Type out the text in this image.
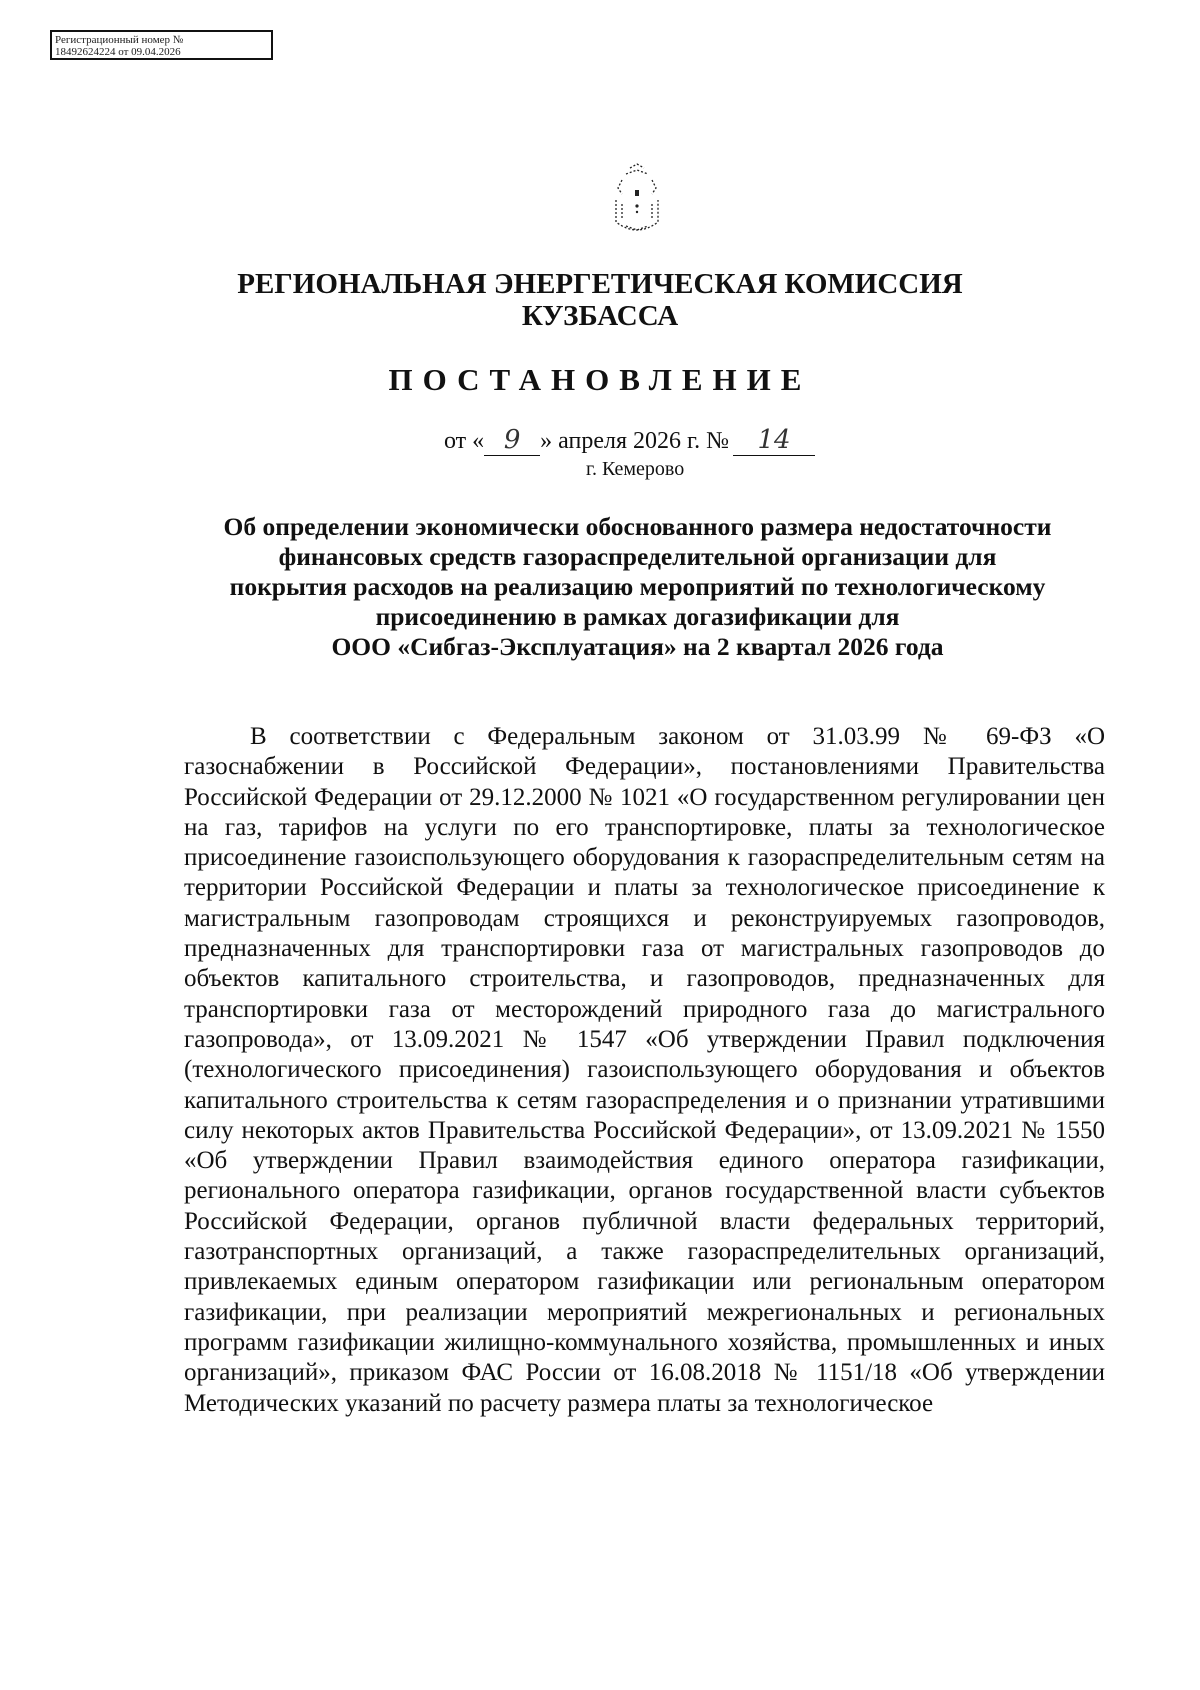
Регистрационный номер №
18492624224 от 09.04.2026
РЕГИОНАЛЬНАЯ ЭНЕРГЕТИЧЕСКАЯ КОМИССИЯ
КУЗБАССА
ПОСТАНОВЛЕНИЕ
от « 9 » апреля 2026 г. № 14
г. Кемерово
Об определении экономически обоснованного размера недостаточности
финансовых средств газораспределительной организации для
покрытия расходов на реализацию мероприятий по технологическому
присоединению в рамках догазификации для
ООО «Сибгаз-Эксплуатация» на 2 квартал 2026 года

В соответствии с Федеральным законом от 31.03.99 № 69-ФЗ «О газоснабжении в Российской Федерации», постановлениями Правительства Российской Федерации от 29.12.2000 № 1021 «О государственном регулировании цен на газ, тарифов на услуги по его транспортировке, платы за технологическое присоединение газоиспользующего оборудования к газораспределительным сетям на территории Российской Федерации и платы за технологическое присоединение к магистральным газопроводам строящихся и реконструируемых газопроводов, предназначенных для транспортировки газа от магистральных газопроводов до объектов капитального строительства, и газопроводов, предназначенных для транспортировки газа от месторождений природного газа до магистрального газопровода», от 13.09.2021 № 1547 «Об утверждении Правил подключения (технологического присоединения) газоиспользующего оборудования и объектов капитального строительства к сетям газораспределения и о признании утратившими силу некоторых актов Правительства Российской Федерации», от 13.09.2021 № 1550 «Об утверждении Правил взаимодействия единого оператора газификации, регионального оператора газификации, органов государственной власти субъектов Российской Федерации, органов публичной власти федеральных территорий, газотранспортных организаций, а также газораспределительных организаций, привлекаемых единым оператором газификации или региональным оператором газификации, при реализации мероприятий межрегиональных и региональных программ газификации жилищно-коммунального хозяйства, промышленных и иных организаций», приказом ФАС России от 16.08.2018 № 1151/18 «Об утверждении Методических указаний по расчету размера платы за технологическое
